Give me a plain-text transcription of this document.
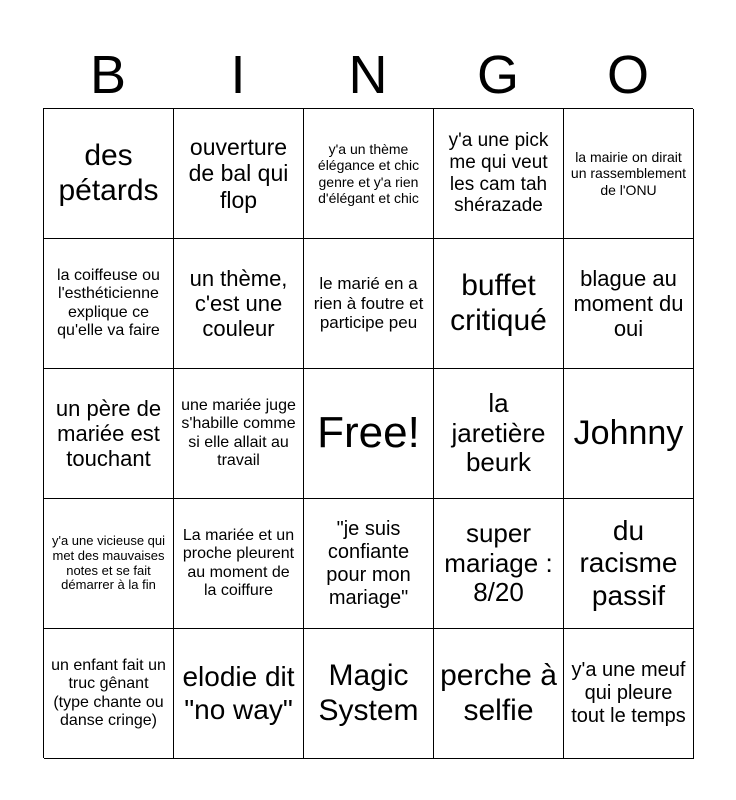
B	I	N	G	O
des pétards
ouverture de bal qui flop
y'a un thème élégance et chic genre et y'a rien d'élégant et chic
y'a une pick me qui veut les cam tah shérazade
la mairie on dirait un rassemblement de l'ONU
la coiffeuse ou l'esthéticienne explique ce qu'elle va faire
un thème, c'est une couleur
le marié en a rien à foutre et participe peu
buffet critiqué
blague au moment du oui
un père de mariée est touchant
une mariée juge s'habille comme si elle allait au travail
Free!
la jaretière beurk
Johnny
y'a une vicieuse qui met des mauvaises notes et se fait démarrer à la fin
La mariée et un proche pleurent au moment de la coiffure
"je suis confiante pour mon mariage"
super mariage : 8/20
du racisme passif
un enfant fait un truc gênant (type chante ou danse cringe)
elodie dit "no way"
Magic System
perche à selfie
y'a une meuf qui pleure tout le temps
